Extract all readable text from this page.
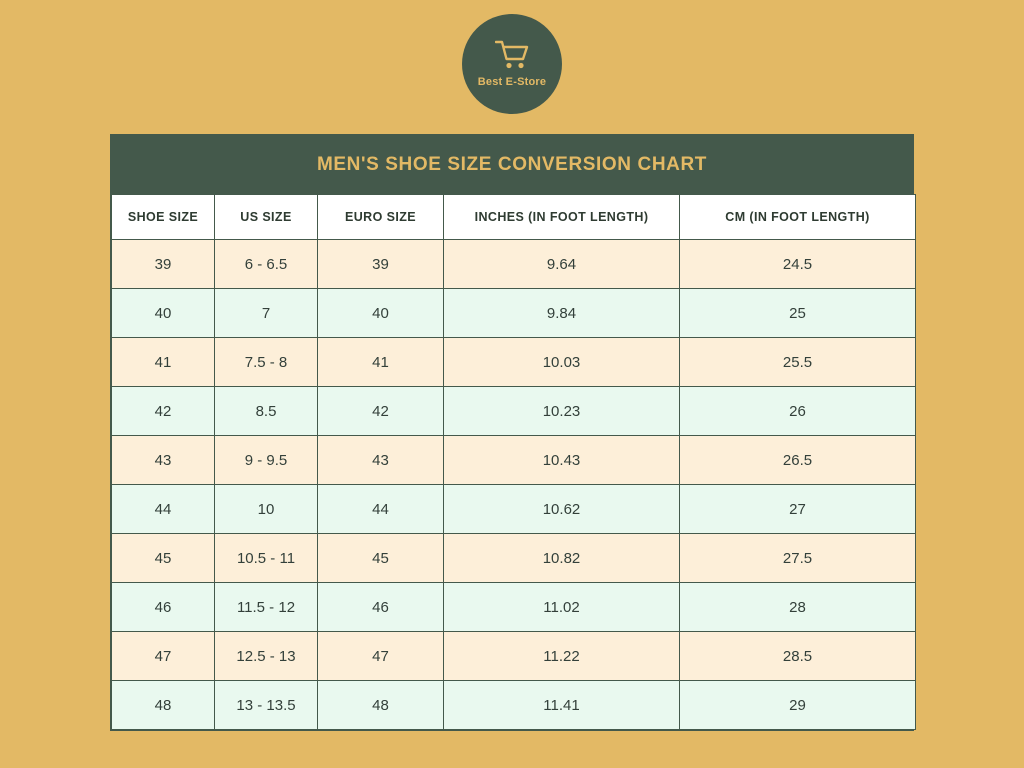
Best E-Store
MEN'S SHOE SIZE CONVERSION CHART
SHOE SIZE	US SIZE	EURO SIZE	INCHES (IN FOOT LENGTH)	CM (IN FOOT LENGTH)
39	6 - 6.5	39	9.64	24.5
40	7	40	9.84	25
41	7.5 - 8	41	10.03	25.5
42	8.5	42	10.23	26
43	9 - 9.5	43	10.43	26.5
44	10	44	10.62	27
45	10.5 - 11	45	10.82	27.5
46	11.5 - 12	46	11.02	28
47	12.5 - 13	47	11.22	28.5
48	13 - 13.5	48	11.41	29
